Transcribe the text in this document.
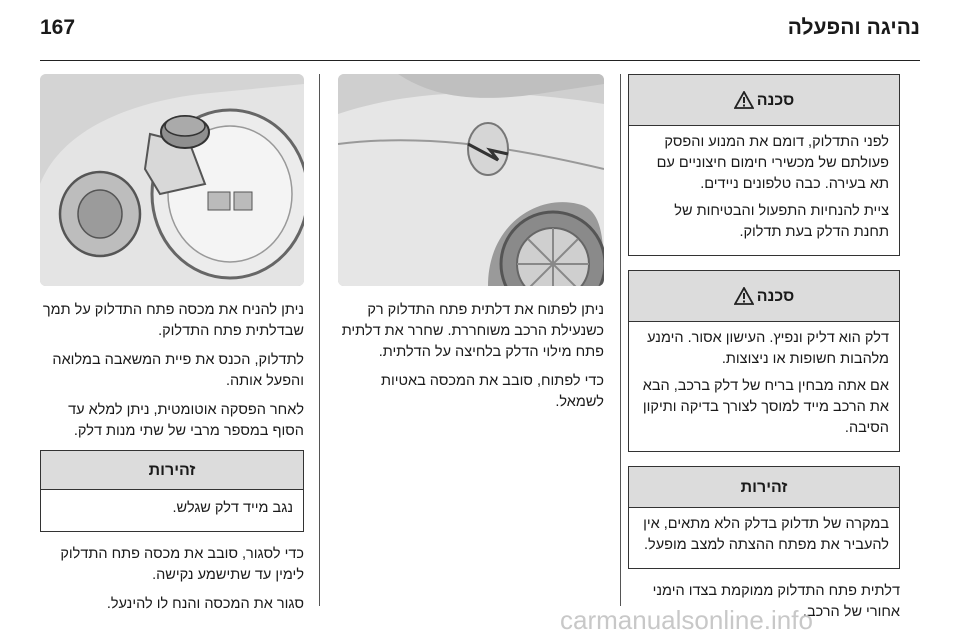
נהיגה והפעלה
167
סכנה

לפני התדלוק, דומם את המנוע והפסק פעולתם של מכשירי חימום חיצוניים עם תא בעירה. כבה טלפונים ניידים.

ציית להנחיות התפעול והבטיחות של תחנת הדלק בעת תדלוק.

סכנה

דלק הוא דליק ונפיץ. העישון אסור. הימנע מלהבות חשופות או ניצוצות.

אם אתה מבחין בריח של דלק ברכב, הבא את הרכב מייד למוסך לצורך בדיקה ותיקון הסיבה.

זהירות

במקרה של תדלוק בדלק הלא מתאים, אין להעביר את מפתח ההצתה למצב מופעל.

דלתית פתח התדלוק ממוקמת בצדו הימני אחורי של הרכב.

ניתן לפתוח את דלתית פתח התדלוק רק כשנעילת הרכב משוחררת. שחרר את דלתית פתח מילוי הדלק בלחיצה על הדלתית.

כדי לפתוח, סובב את המכסה באטיות לשמאל.

ניתן להניח את מכסה פתח התדלוק על תמך שבדלתית פתח התדלוק.

לתדלוק, הכנס את פיית המשאבה במלואה והפעל אותה.

לאחר הפסקה אוטומטית, ניתן למלא עד הסוף במספר מרבי של שתי מנות דלק.

זהירות

נגב מייד דלק שגלש.

כדי לסגור, סובב את מכסה פתח התדלוק לימין עד שתישמע נקישה.

סגור את המכסה והנח לו להינעל.

carmanualsonline.info
